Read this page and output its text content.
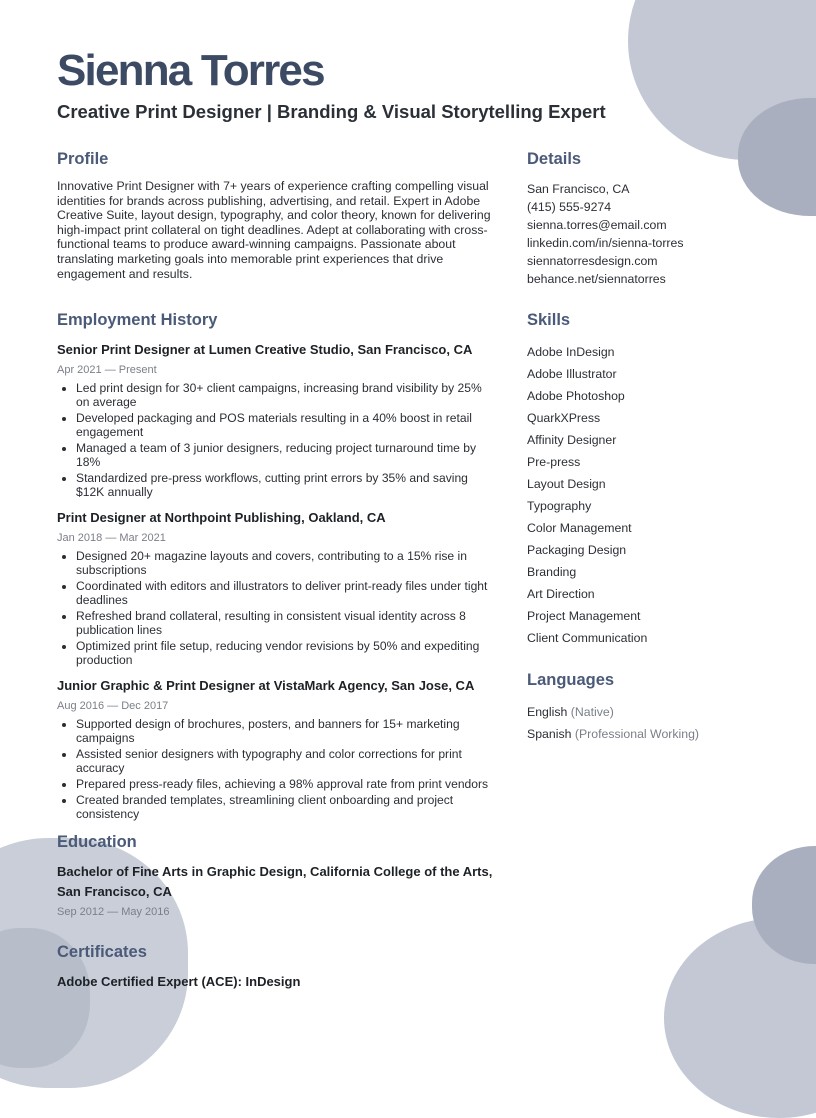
Sienna Torres
Creative Print Designer | Branding & Visual Storytelling Expert
Profile

Innovative Print Designer with 7+ years of experience crafting compelling visual identities for brands across publishing, advertising, and retail. Expert in Adobe Creative Suite, layout design, typography, and color theory, known for delivering high-impact print collateral on tight deadlines. Adept at collaborating with cross-functional teams to produce award-winning campaigns. Passionate about translating marketing goals into memorable print experiences that drive engagement and results.

Employment History

Senior Print Designer at Lumen Creative Studio, San Francisco, CA

Apr 2021 — Present

• Led print design for 30+ client campaigns, increasing brand visibility by 25% on average
• Developed packaging and POS materials resulting in a 40% boost in retail engagement
• Managed a team of 3 junior designers, reducing project turnaround time by 18%
• Standardized pre-press workflows, cutting print errors by 35% and saving $12K annually

Print Designer at Northpoint Publishing, Oakland, CA

Jan 2018 — Mar 2021

• Designed 20+ magazine layouts and covers, contributing to a 15% rise in subscriptions
• Coordinated with editors and illustrators to deliver print-ready files under tight deadlines
• Refreshed brand collateral, resulting in consistent visual identity across 8 publication lines
• Optimized print file setup, reducing vendor revisions by 50% and expediting production

Junior Graphic & Print Designer at VistaMark Agency, San Jose, CA

Aug 2016 — Dec 2017

• Supported design of brochures, posters, and banners for 15+ marketing campaigns
• Assisted senior designers with typography and color corrections for print accuracy
• Prepared press-ready files, achieving a 98% approval rate from print vendors
• Created branded templates, streamlining client onboarding and project consistency
Education

Bachelor of Fine Arts in Graphic Design, California College of the Arts, San Francisco, CA

Sep 2012 — May 2016

Certificates

Adobe Certified Expert (ACE): InDesign

Details
San Francisco, CA
(415) 555-9274
sienna.torres@email.com
linkedin.com/in/sienna-torres
siennatorresdesign.com
behance.net/siennatorres
Skills
Adobe InDesign
Adobe Illustrator
Adobe Photoshop
QuarkXPress
Affinity Designer
Pre-press
Layout Design
Typography
Color Management
Packaging Design
Branding
Art Direction
Project Management
Client Communication
Languages
English (Native)
Spanish (Professional Working)
